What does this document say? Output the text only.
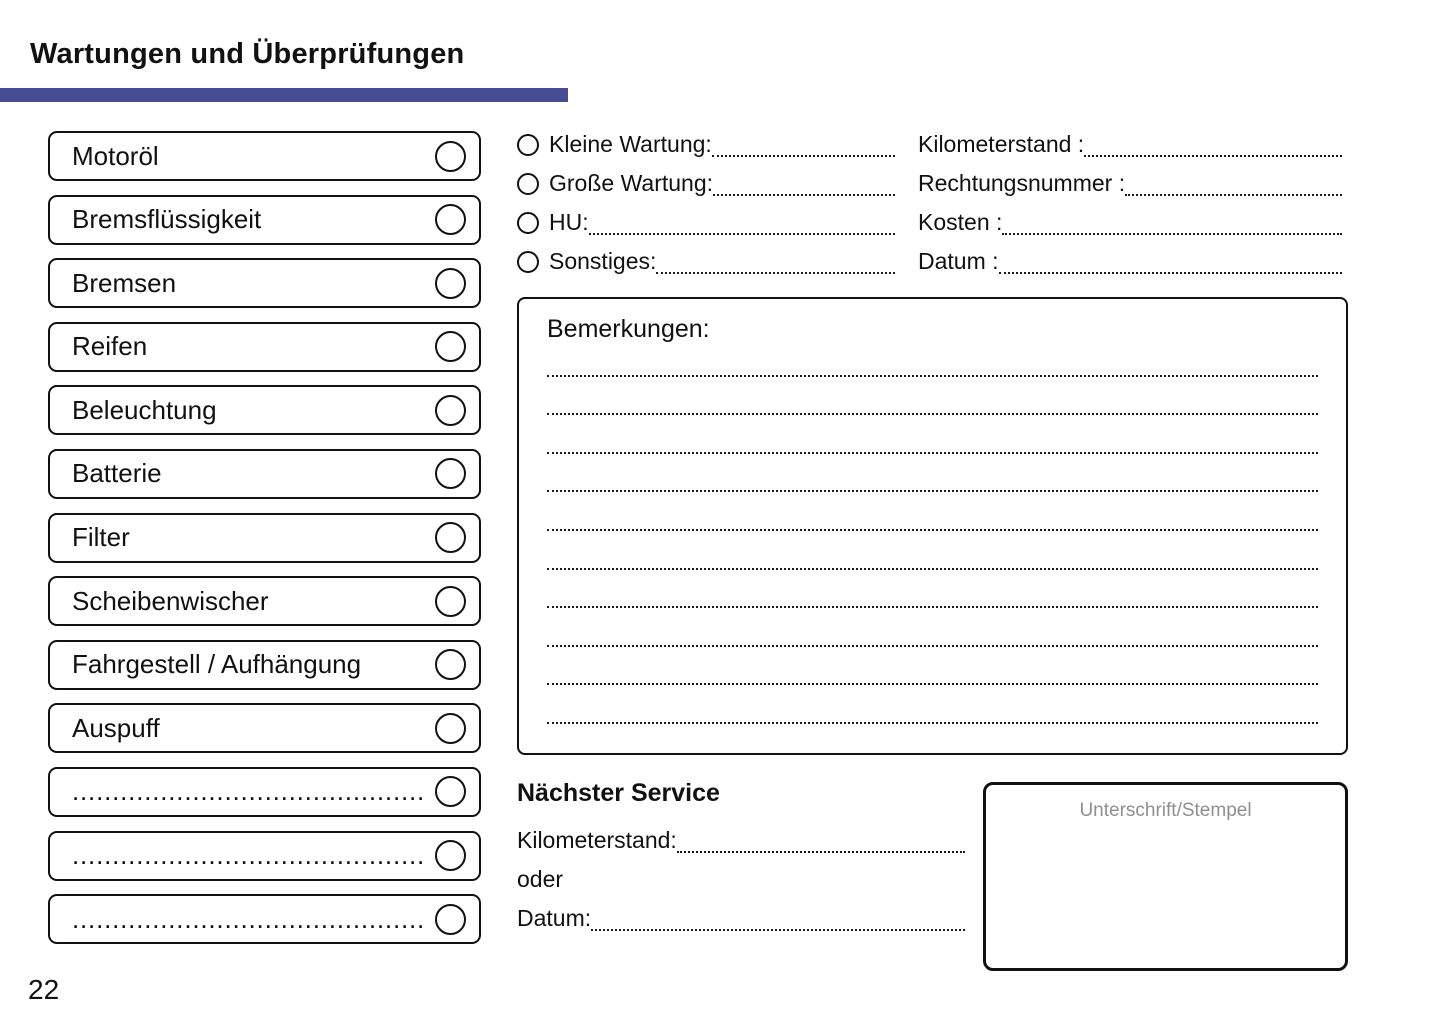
Wartungen und Überprüfungen
Motoröl
Bremsflüssigkeit
Bremsen
Reifen
Beleuchtung
Batterie
Filter
Scheibenwischer
Fahrgestell / Aufhängung
Auspuff
............................................
............................................
............................................
Kleine Wartung:
Große Wartung:
HU:
Sonstiges:
Kilometerstand :
Rechtungsnummer :
Kosten :
Datum :
Bemerkungen:
Nächster Service
Kilometerstand:
oder
Datum:
Unterschrift/Stempel
22
